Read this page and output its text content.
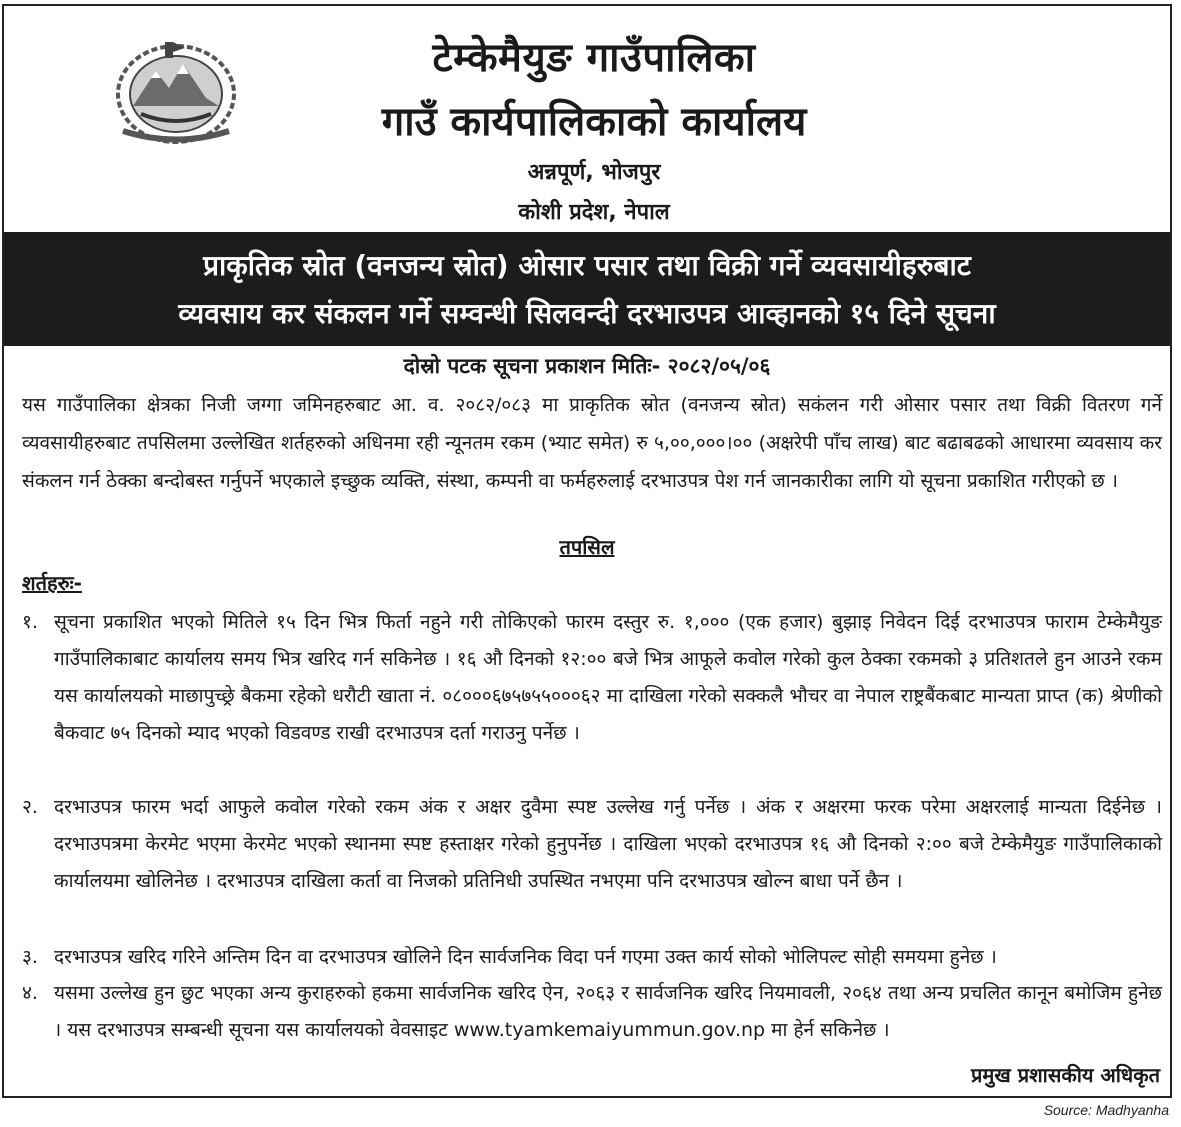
टेम्केमैयुङ गाउँपालिका
गाउँ कार्यपालिकाको कार्यालय
अन्नपूर्ण, भोजपुर
कोशी प्रदेश, नेपाल
प्राकृतिक स्रोत (वनजन्य स्रोत) ओसार पसार तथा विक्री गर्ने व्यवसायीहरुबाट
व्यवसाय कर संकलन गर्ने सम्वन्धी सिलवन्दी दरभाउपत्र आव्हानको १५ दिने सूचना
दोस्रो पटक सूचना प्रकाशन मितिः- २०८२/०५/०६
यस गाउँपालिका क्षेत्रका निजी जग्गा जमिनहरुबाट आ. व. २०८२/०८३ मा प्राकृतिक स्रोत (वनजन्य स्रोत) सकंलन गरी ओसार पसार तथा विक्री वितरण गर्ने व्यवसायीहरुबाट तपसिलमा उल्लेखित शर्तहरुको अधिनमा रही न्यूनतम रकम (भ्याट समेत) रु ५,००,०००।०० (अक्षरेपी पाँच लाख) बाट बढाबढको आधारमा व्यवसाय कर संकलन गर्न ठेक्का बन्दोबस्त गर्नुपर्ने भएकाले इच्छुक व्यक्ति, संस्था, कम्पनी वा फर्महरुलाई दरभाउपत्र पेश गर्न जानकारीका लागि यो सूचना प्रकाशित गरीएको छ ।
तपसिल
शर्तहरुः-
१. सूचना प्रकाशित भएको मितिले १५ दिन भित्र फिर्ता नहुने गरी तोकिएको फारम दस्तुर रु. १,००० (एक हजार) बुझाइ निवेदन दिई दरभाउपत्र फाराम टेम्केमैयुङ गाउँपालिकाबाट कार्यालय समय भित्र खरिद गर्न सकिनेछ । १६ औ दिनको १२:०० बजे भित्र आफूले कवोल गरेको कुल ठेक्का रकमको ३ प्रतिशतले हुन आउने रकम यस कार्यालयको माछापुच्छ्रे बैकमा रहेको धरौटी खाता नं. ०८०००६७५७५५०००६२ मा दाखिला गरेको सक्कलै भौचर वा नेपाल राष्ट्रबैंकबाट मान्यता प्राप्त (क) श्रेणीको बैकवाट ७५ दिनको म्याद भएको विडवण्ड राखी दरभाउपत्र दर्ता गराउनु पर्नेछ ।
२. दरभाउपत्र फारम भर्दा आफुले कवोल गरेको रकम अंक र अक्षर दुवैमा स्पष्ट उल्लेख गर्नु पर्नेछ । अंक र अक्षरमा फरक परेमा अक्षरलाई मान्यता दिईनेछ । दरभाउपत्रमा केरमेट भएमा केरमेट भएको स्थानमा स्पष्ट हस्ताक्षर गरेको हुनुपर्नेछ । दाखिला भएको दरभाउपत्र १६ औ दिनको २:०० बजे टेम्केमैयुङ गाउँपालिकाको कार्यालयमा खोलिनेछ । दरभाउपत्र दाखिला कर्ता वा निजको प्रतिनिधी उपस्थित नभएमा पनि दरभाउपत्र खोल्न बाधा पर्ने छैन ।
३. दरभाउपत्र खरिद गरिने अन्तिम दिन वा दरभाउपत्र खोलिने दिन सार्वजनिक विदा पर्न गएमा उक्त कार्य सोको भोलिपल्ट सोही समयमा हुनेछ ।
४. यसमा उल्लेख हुन छुट भएका अन्य कुराहरुको हकमा सार्वजनिक खरिद ऐन, २०६३ र सार्वजनिक खरिद नियमावली, २०६४ तथा अन्य प्रचलित कानून बमोजिम हुनेछ । यस दरभाउपत्र सम्बन्धी सूचना यस कार्यालयको वेवसाइट www.tyamkemaiyummun.gov.np मा हेर्न सकिनेछ ।
प्रमुख प्रशासकीय अधिकृत
Source: Madhyanha
